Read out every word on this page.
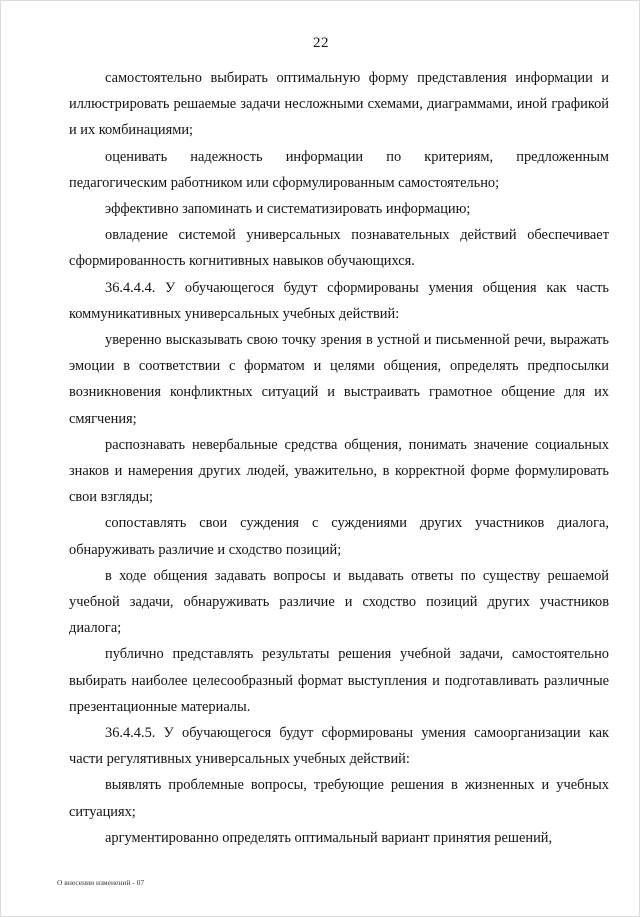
22

самостоятельно выбирать оптимальную форму представления информации и иллюстрировать решаемые задачи несложными схемами, диаграммами, иной графикой и их комбинациями;

оценивать надежность информации по критериям, предложенным педагогическим работником или сформулированным самостоятельно;

эффективно запоминать и систематизировать информацию;

овладение системой универсальных познавательных действий обеспечивает сформированность когнитивных навыков обучающихся.

36.4.4.4. У обучающегося будут сформированы умения общения как часть коммуникативных универсальных учебных действий:

уверенно высказывать свою точку зрения в устной и письменной речи, выражать эмоции в соответствии с форматом и целями общения, определять предпосылки возникновения конфликтных ситуаций и выстраивать грамотное общение для их смягчения;

распознавать невербальные средства общения, понимать значение социальных знаков и намерения других людей, уважительно, в корректной форме формулировать свои взгляды;

сопоставлять свои суждения с суждениями других участников диалога, обнаруживать различие и сходство позиций;

в ходе общения задавать вопросы и выдавать ответы по существу решаемой учебной задачи, обнаруживать различие и сходство позиций других участников диалога;

публично представлять результаты решения учебной задачи, самостоятельно выбирать наиболее целесообразный формат выступления и подготавливать различные презентационные материалы.

36.4.4.5. У обучающегося будут сформированы умения самоорганизации как части регулятивных универсальных учебных действий:

выявлять проблемные вопросы, требующие решения в жизненных и учебных ситуациях;

аргументированно определять оптимальный вариант принятия решений,

О внесении изменений - 07
